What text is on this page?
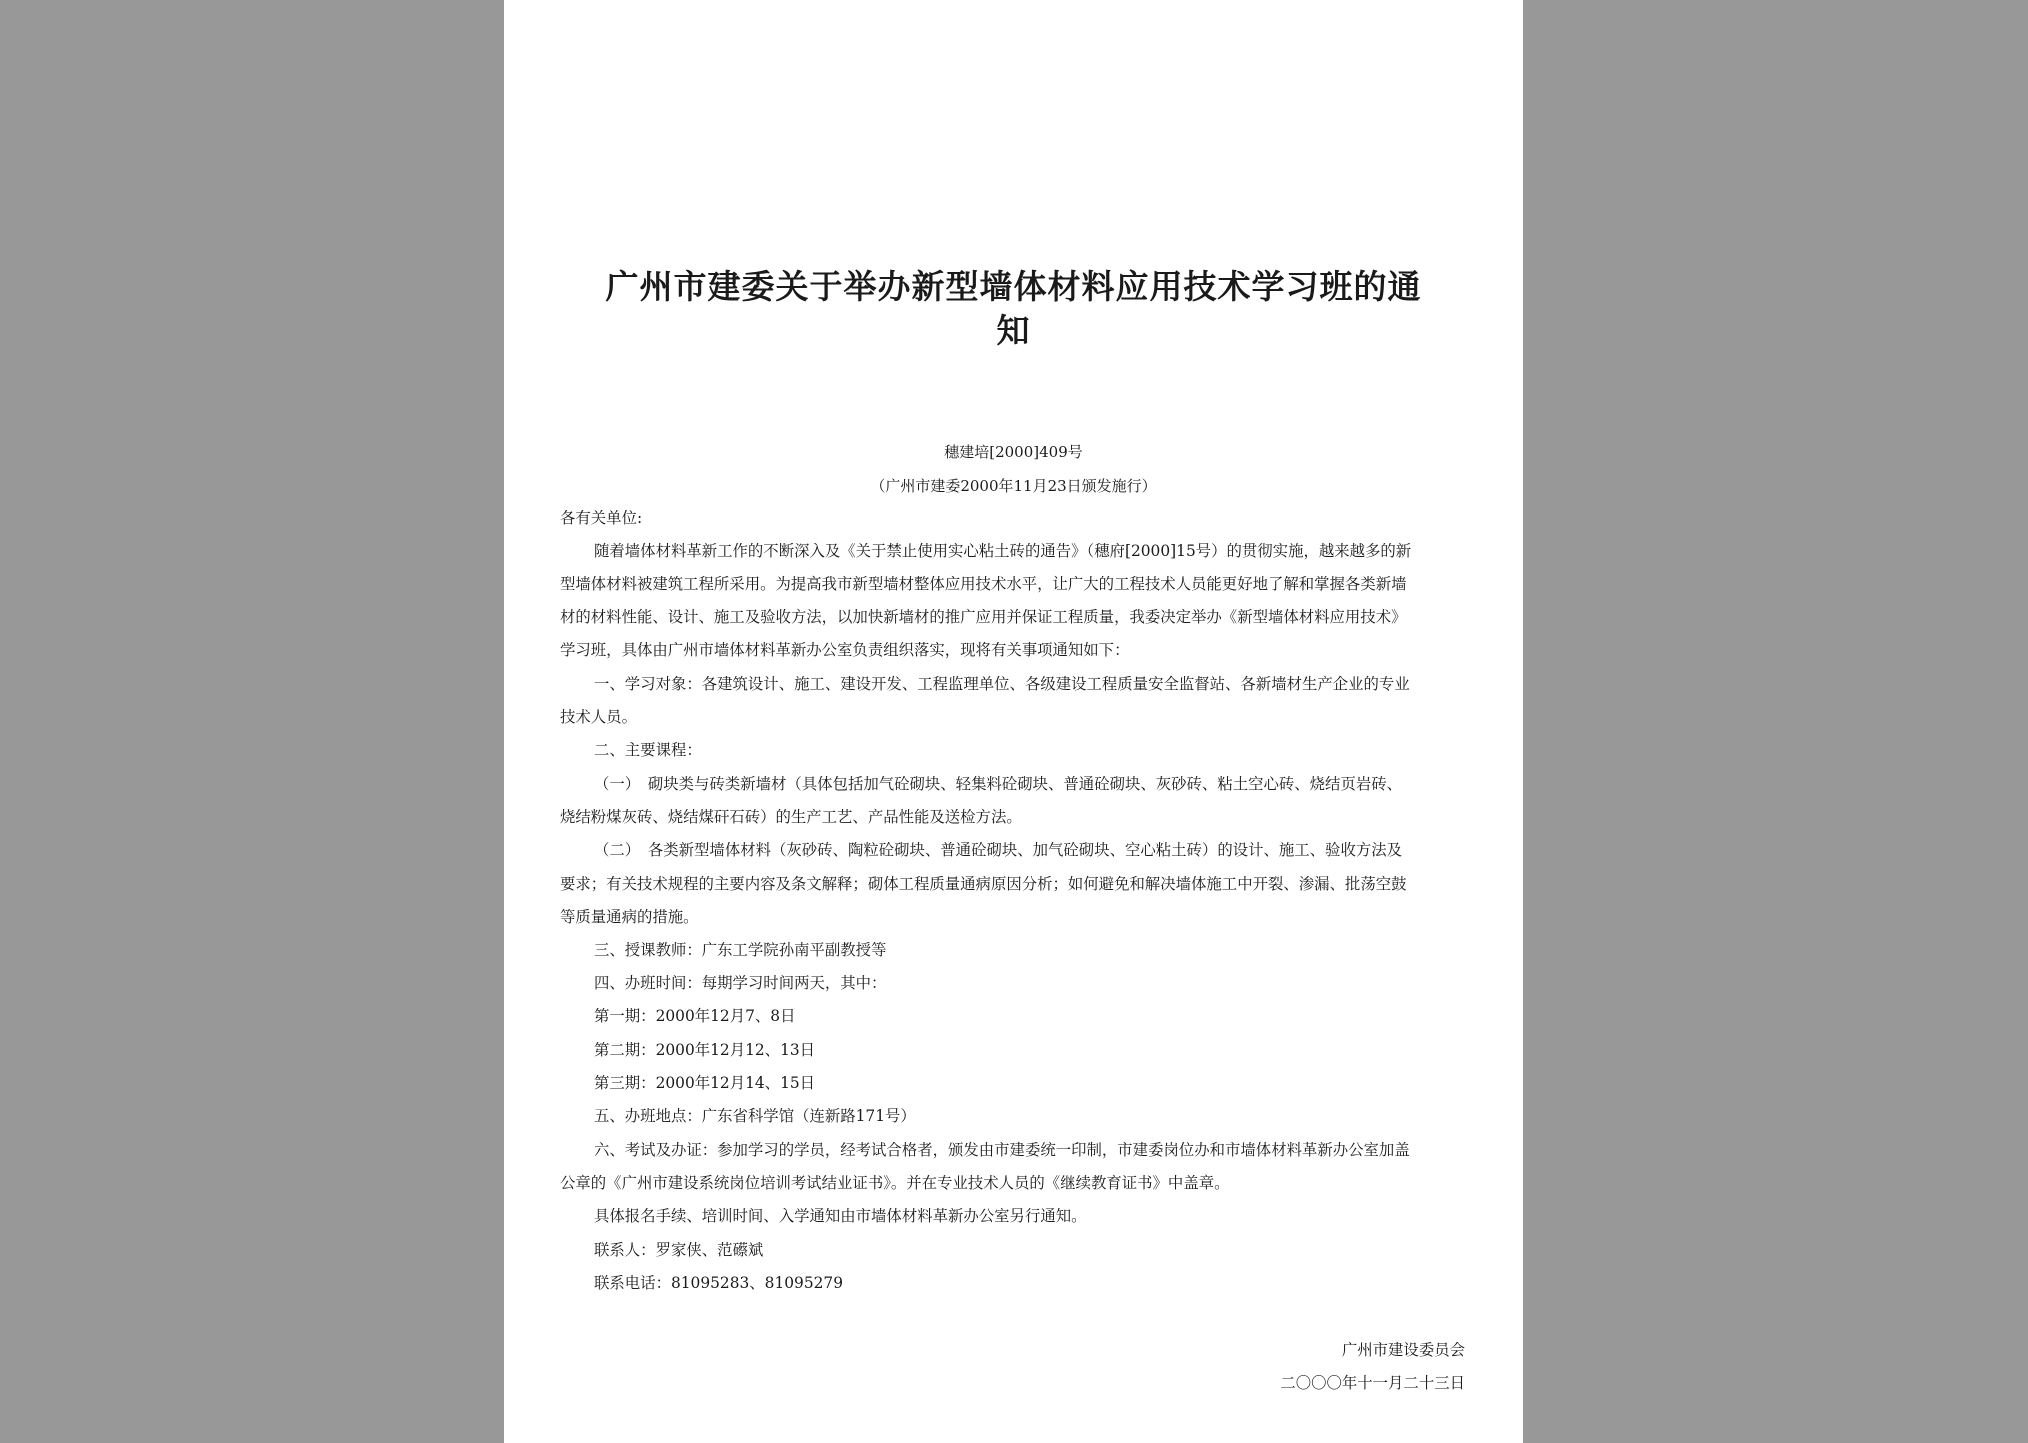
广州市建委关于举办新型墙体材料应用技术学习班的通
知
穗建培[2000]409号
（广州市建委2000年11月23日颁发施行）
各有关单位:
随着墙体材料革新工作的不断深入及《关于禁止使用实心粘土砖的通告》（穗府[2000]15号）的贯彻实施，越来越多的新
型墙体材料被建筑工程所采用。为提高我市新型墙材整体应用技术水平，让广大的工程技术人员能更好地了解和掌握各类新墙
材的材料性能、设计、施工及验收方法，以加快新墙材的推广应用并保证工程质量，我委决定举办《新型墙体材料应用技术》
学习班，具体由广州市墙体材料革新办公室负责组织落实，现将有关事项通知如下：
一、学习对象：各建筑设计、施工、建设开发、工程监理单位、各级建设工程质量安全监督站、各新墙材生产企业的专业
技术人员。
二、主要课程：
（一）　砌块类与砖类新墙材（具体包括加气砼砌块、轻集料砼砌块、普通砼砌块、灰砂砖、粘土空心砖、烧结页岩砖、
烧结粉煤灰砖、烧结煤矸石砖）的生产工艺、产品性能及送检方法。
（二）　各类新型墙体材料（灰砂砖、陶粒砼砌块、普通砼砌块、加气砼砌块、空心粘土砖）的设计、施工、验收方法及
要求；有关技术规程的主要内容及条文解释；砌体工程质量通病原因分析；如何避免和解决墙体施工中开裂、渗漏、批荡空鼓
等质量通病的措施。
三、授课教师：广东工学院孙南平副教授等
四、办班时间：每期学习时间两天，其中：
第一期：2000年12月7、8日
第二期：2000年12月12、13日
第三期：2000年12月14、15日
五、办班地点：广东省科学馆（连新路171号）
六、考试及办证：参加学习的学员，经考试合格者，颁发由市建委统一印制，市建委岗位办和市墙体材料革新办公室加盖
公章的《广州市建设系统岗位培训考试结业证书》。并在专业技术人员的《继续教育证书》中盖章。
具体报名手续、培训时间、入学通知由市墙体材料革新办公室另行通知。
联系人：罗家侠、范礤斌
联系电话：81095283、81095279
广州市建设委员会
二〇〇〇年十一月二十三日
